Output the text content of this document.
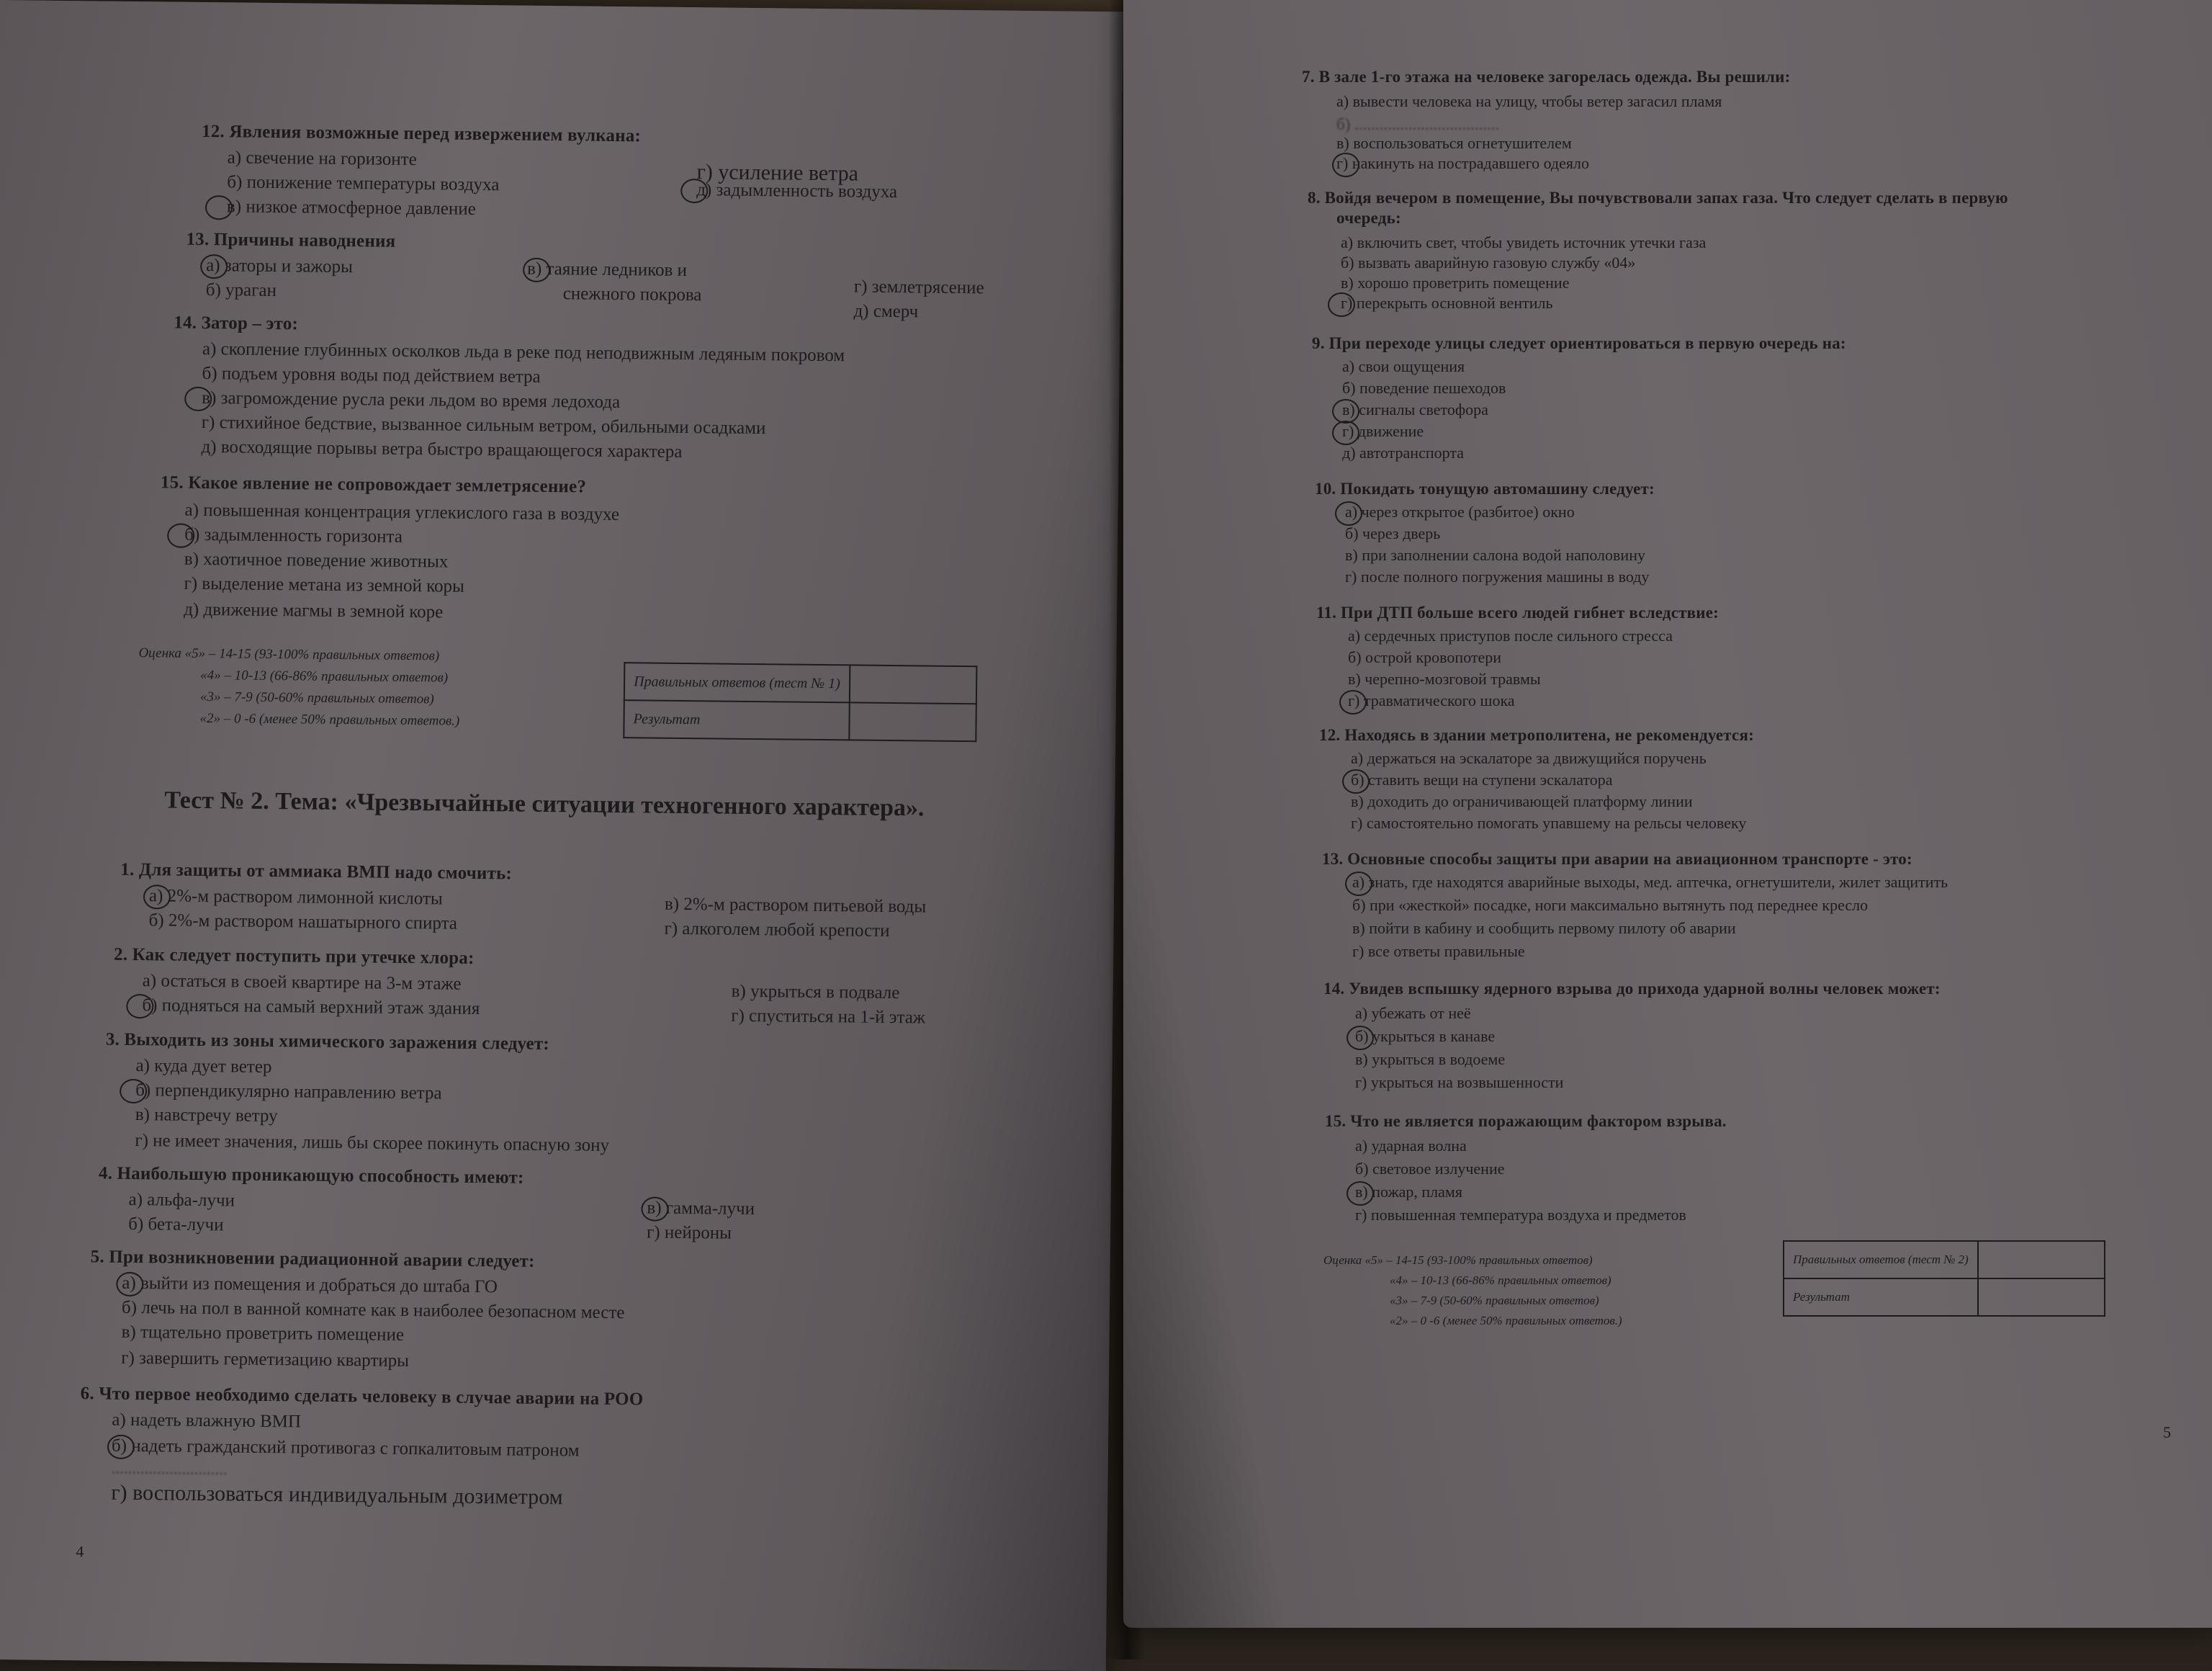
12. Явления возможные перед извержением вулкана:
а) свечение на горизонте
б) понижение температуры воздуха
в) низкое атмосферное давление
г) усиление ветра
д) задымленность воздуха
13. Причины наводнения
а) заторы и зажоры
б) ураган
в) таяние ледников и
снежного покрова	г) землетрясение
д) смерч
14. Затор – это:
а) скопление глубинных осколков льда в реке под неподвижным ледяным покровом
б) подъем уровня воды под действием ветра
в) загромождение русла реки льдом во время ледохода
г) стихийное бедствие, вызванное сильным ветром, обильными осадками
д) восходящие порывы ветра быстро вращающегося характера
15. Какое явление не сопровождает землетрясение?
а) повышенная концентрация углекислого газа в воздухе
б) задымленность горизонта
в) хаотичное поведение животных
г) выделение метана из земной коры
д) движение магмы в земной коре
Оценка «5» – 14-15 (93-100% правильных ответов)
«4» – 10-13 (66-86% правильных ответов)
«3» – 7-9 (50-60% правильных ответов)
«2» – 0 -6 (менее 50% правильных ответов.)
Правильных ответов (тест № 1)	
Результат	
Тест № 2. Тема: «Чрезвычайные ситуации техногенного характера».
1. Для защиты от аммиака ВМП надо смочить:
а) 2%-м раствором лимонной кислоты
б) 2%-м раствором нашатырного спирта
в) 2%-м раствором питьевой воды
г) алкоголем любой крепости
2. Как следует поступить при утечке хлора:
а) остаться в своей квартире на 3-м этаже
б) подняться на самый верхний этаж здания
в) укрыться в подвале
г) спуститься на 1-й этаж
3. Выходить из зоны химического заражения следует:
а) куда дует ветер
б) перпендикулярно направлению ветра
в) навстречу ветру
г) не имеет значения, лишь бы скорее покинуть опасную зону
4. Наибольшую проникающую способность имеют:
а) альфа-лучи
б) бета-лучи
в) гамма-лучи
г) нейроны
5. При возникновении радиационной аварии следует:
а) выйти из помещения и добраться до штаба ГО
б) лечь на пол в ванной комнате как в наиболее безопасном месте
в) тщательно проветрить помещение
г) завершить герметизацию квартиры
6. Что первое необходимо сделать человеку в случае аварии на РОО
а) надеть влажную ВМП
б) надеть гражданский противогаз с гопкалитовым патроном
............................
г) воспользоваться индивидуальным дозиметром
4
7. В зале 1-го этажа на человеке загорелась одежда. Вы решили:
а) вывести человека на улицу, чтобы ветер загасил пламя
б) ...................................
в) воспользоваться огнетушителем
г) накинуть на пострадавшего одеяло
8. Войдя вечером в помещение, Вы почувствовали запах газа. Что следует сделать в первую
очередь:
а) включить свет, чтобы увидеть источник утечки газа
б) вызвать аварийную газовую службу «04»
в) хорошо проветрить помещение
г) перекрыть основной вентиль
9. При переходе улицы следует ориентироваться в первую очередь на:
а) свои ощущения
б) поведение пешеходов
в) сигналы светофора
г) движение
д) автотранспорта
10. Покидать тонущую автомашину следует:
а) через открытое (разбитое) окно
б) через дверь
в) при заполнении салона водой наполовину
г) после полного погружения машины в воду
11. При ДТП больше всего людей гибнет вследствие:
а) сердечных приступов после сильного стресса
б) острой кровопотери
в) черепно-мозговой травмы
г) травматического шока
12. Находясь в здании метрополитена, не рекомендуется:
а) держаться на эскалаторе за движущийся поручень
б) ставить вещи на ступени эскалатора
в) доходить до ограничивающей платформу линии
г) самостоятельно помогать упавшему на рельсы человеку
13. Основные способы защиты при аварии на авиационном транспорте - это:
а) знать, где находятся аварийные выходы, мед. аптечка, огнетушители, жилет защитить
б) при «жесткой» посадке, ноги максимально вытянуть под переднее кресло
в) пойти в кабину и сообщить первому пилоту об аварии
г) все ответы правильные
14. Увидев вспышку ядерного взрыва до прихода ударной волны человек может:
а) убежать от неё
б) укрыться в канаве
в) укрыться в водоеме
г) укрыться на возвышенности
15. Что не является поражающим фактором взрыва.
а) ударная волна
б) световое излучение
в) пожар, пламя
г) повышенная температура воздуха и предметов
Оценка «5» – 14-15 (93-100% правильных ответов)
«4» – 10-13 (66-86% правильных ответов)
«3» – 7-9 (50-60% правильных ответов)
«2» – 0 -6 (менее 50% правильных ответов.)
Правильных ответов (тест № 2)	
Результат	
5
